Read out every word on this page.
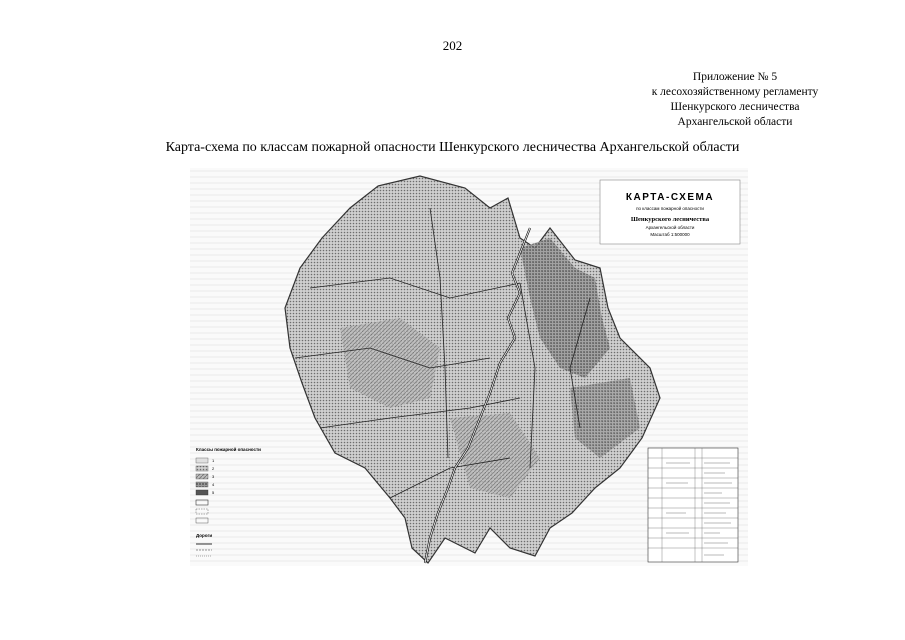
202
Приложение № 5
к лесохозяйственному регламенту
Шенкурского лесничества
Архангельской области
Карта-схема по классам пожарной опасности Шенкурского лесничества Архангельской области
КАРТА-СХЕМА
по классам пожарной опасности
Шенкурского лесничества
Архангельской области
Масштаб 1:500000
Классы пожарной опасности
1
2
3
4
5
Дороги
